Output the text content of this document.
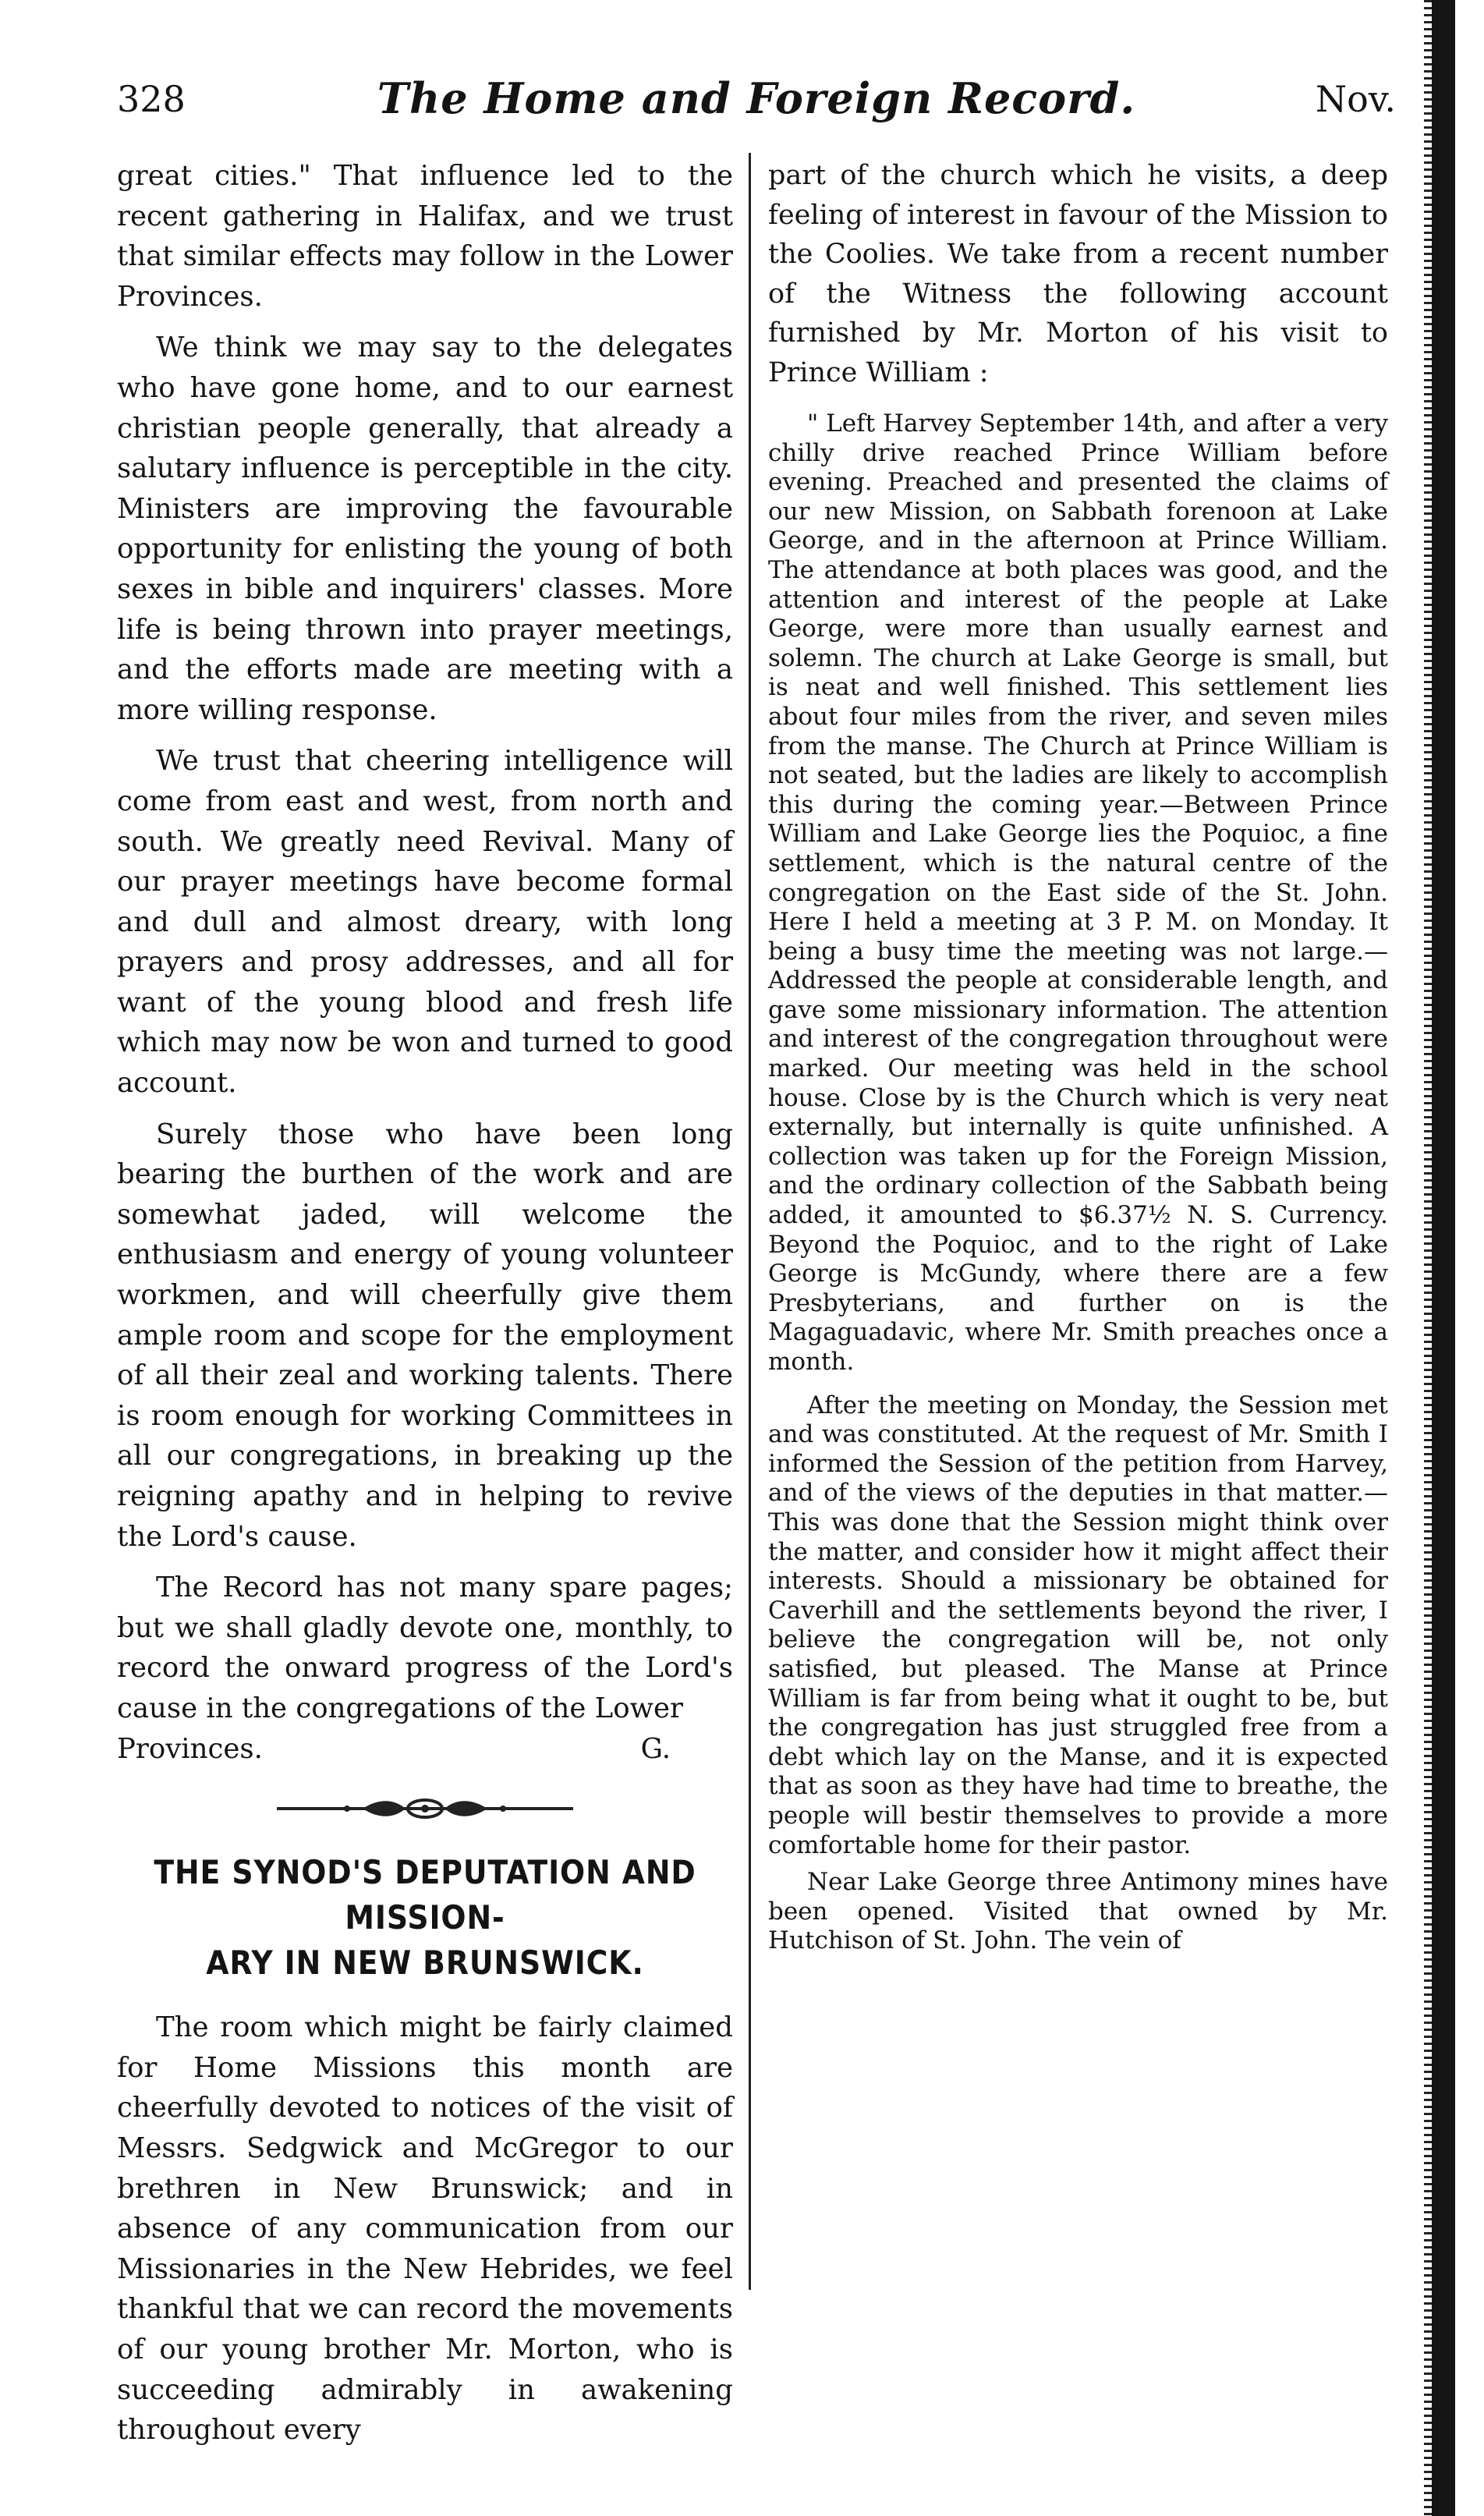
328	The Home and Foreign Record.	Nov.

great cities." That influence led to the recent gathering in Halifax, and we trust that similar effects may follow in the Lower Provinces.

We think we may say to the delegates who have gone home, and to our earnest christian people generally, that already a salutary influence is perceptible in the city. Ministers are improving the favourable opportunity for enlisting the young of both sexes in bible and inquirers' classes. More life is being thrown into prayer meetings, and the efforts made are meeting with a more willing response.

We trust that cheering intelligence will come from east and west, from north and south. We greatly need Revival. Many of our prayer meetings have become formal and dull and almost dreary, with long prayers and prosy addresses, and all for want of the young blood and fresh life which may now be won and turned to good account.

Surely those who have been long bearing the burthen of the work and are somewhat jaded, will welcome the enthusiasm and energy of young volunteer workmen, and will cheerfully give them ample room and scope for the employment of all their zeal and working talents. There is room enough for working Committees in all our congregations, in breaking up the reigning apathy and in helping to revive the Lord's cause.

The Record has not many spare pages; but we shall gladly devote one, monthly, to record the onward progress of the Lord's cause in the congregations of the Lower

Provinces.	G.
THE SYNOD'S DEPUTATION AND MISSION-
ARY IN NEW BRUNSWICK.

The room which might be fairly claimed for Home Missions this month are cheerfully devoted to notices of the visit of Messrs. Sedgwick and McGregor to our brethren in New Brunswick; and in absence of any communication from our Missionaries in the New Hebrides, we feel thankful that we can record the movements of our young brother Mr. Morton, who is succeeding admirably in awakening throughout every

part of the church which he visits, a deep feeling of interest in favour of the Mission to the Coolies. We take from a recent number of the Witness the following account furnished by Mr. Morton of his visit to Prince William :

" Left Harvey September 14th, and after a very chilly drive reached Prince William before evening. Preached and presented the claims of our new Mission, on Sabbath forenoon at Lake George, and in the afternoon at Prince William. The attendance at both places was good, and the attention and interest of the people at Lake George, were more than usually earnest and solemn. The church at Lake George is small, but is neat and well finished. This settlement lies about four miles from the river, and seven miles from the manse. The Church at Prince William is not seated, but the ladies are likely to accomplish this during the coming year.—Between Prince William and Lake George lies the Poquioc, a fine settlement, which is the natural centre of the congregation on the East side of the St. John. Here I held a meeting at 3 P. M. on Monday. It being a busy time the meeting was not large.—Addressed the people at considerable length, and gave some missionary information. The attention and interest of the congregation throughout were marked. Our meeting was held in the school house. Close by is the Church which is very neat externally, but internally is quite unfinished. A collection was taken up for the Foreign Mission, and the ordinary collection of the Sabbath being added, it amounted to $6.37½ N. S. Currency. Beyond the Poquioc, and to the right of Lake George is McGundy, where there are a few Presbyterians, and further on is the Magaguadavic, where Mr. Smith preaches once a month.

After the meeting on Monday, the Session met and was constituted. At the request of Mr. Smith I informed the Session of the petition from Harvey, and of the views of the deputies in that matter.—This was done that the Session might think over the matter, and consider how it might affect their interests. Should a missionary be obtained for Caverhill and the settlements beyond the river, I believe the congregation will be, not only satisfied, but pleased. The Manse at Prince William is far from being what it ought to be, but the congregation has just struggled free from a debt which lay on the Manse, and it is expected that as soon as they have had time to breathe, the people will bestir themselves to provide a more comfortable home for their pastor.

Near Lake George three Antimony mines have been opened. Visited that owned by Mr. Hutchison of St. John. The vein of
